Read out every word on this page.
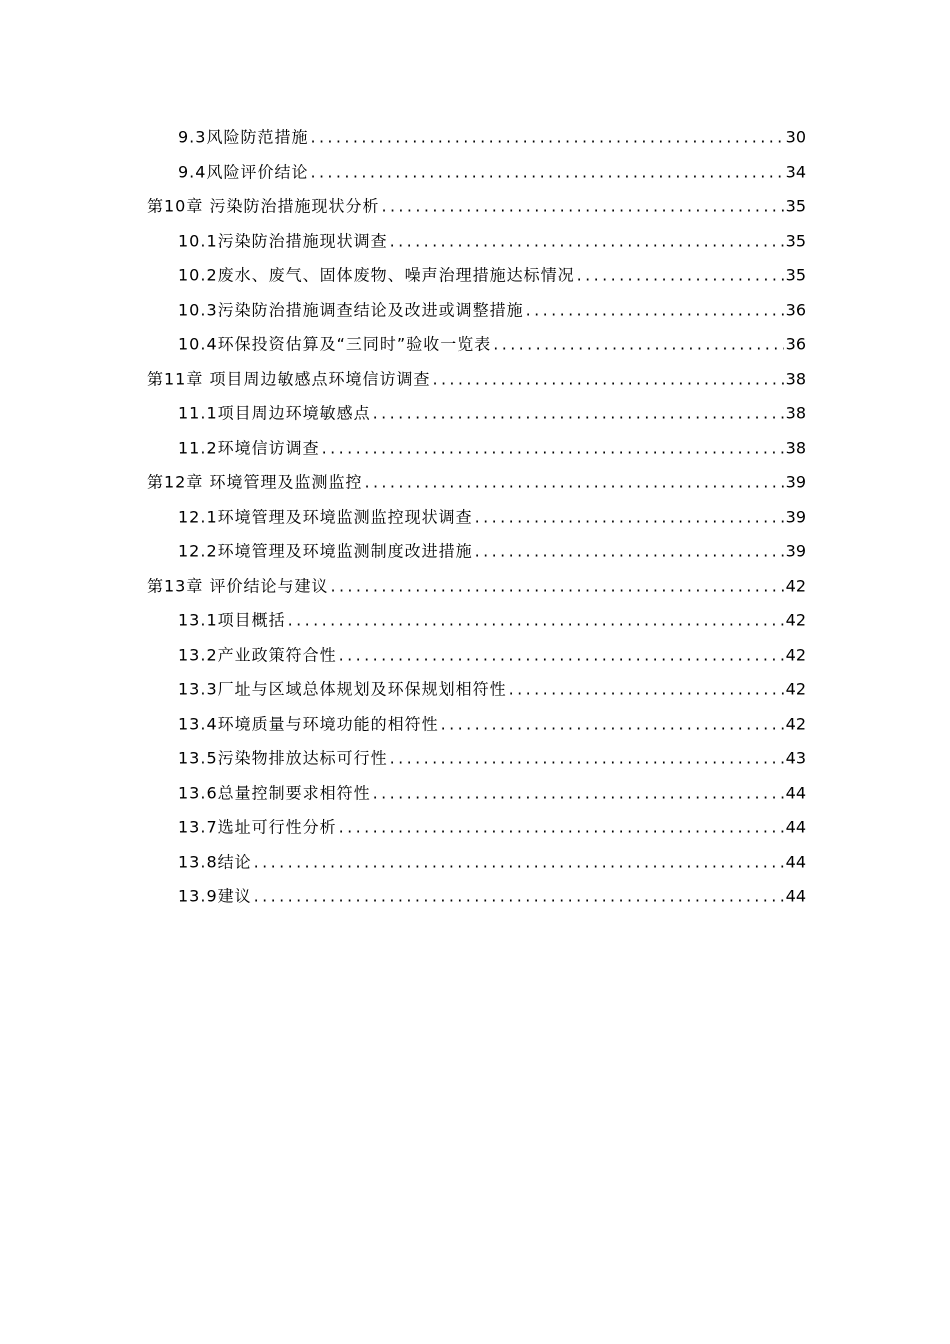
9.3风险防范措施 .....	30
9.4风险评价结论 .....	34
第10章 污染防治措施现状分析 .....	35
10.1污染防治措施现状调查 .....	35
10.2废水、废气、固体废物、噪声治理措施达标情况 .....	35
10.3污染防治措施调查结论及改进或调整措施 .....	36
10.4环保投资估算及“三同时”验收一览表 .....	36
第11章 项目周边敏感点环境信访调查 .....	38
11.1项目周边环境敏感点 .....	38
11.2环境信访调查 .....	38
第12章 环境管理及监测监控 .....	39
12.1环境管理及环境监测监控现状调查 .....	39
12.2环境管理及环境监测制度改进措施 .....	39
第13章 评价结论与建议 .....	42
13.1项目概括 .....	42
13.2产业政策符合性 .....	42
13.3厂址与区域总体规划及环保规划相符性 .....	42
13.4环境质量与环境功能的相符性 .....	42
13.5污染物排放达标可行性 .....	43
13.6总量控制要求相符性 .....	44
13.7选址可行性分析 .....	44
13.8结论 .....	44
13.9建议 .....	44
